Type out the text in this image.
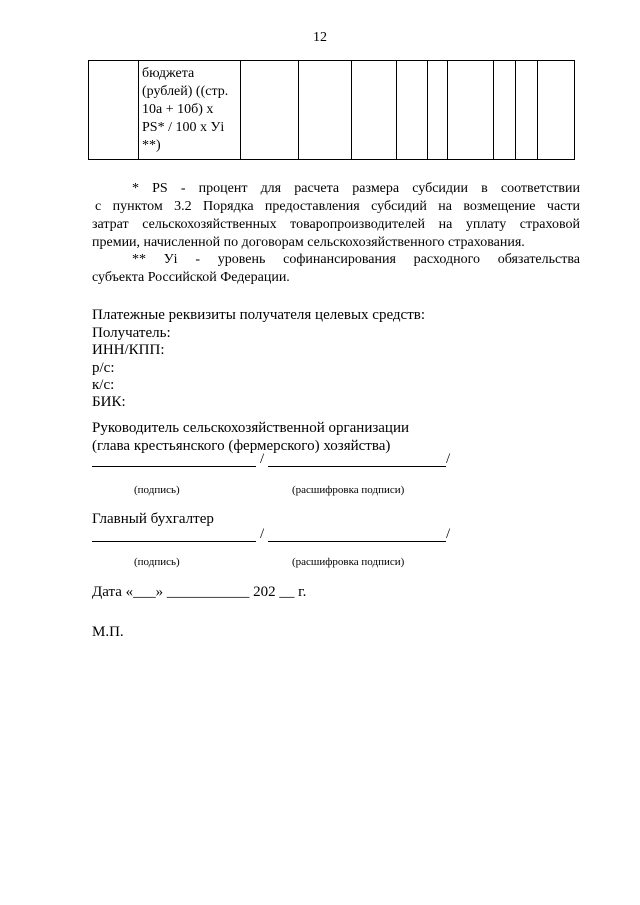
12

бюджета
(рублей) ((стр.
10а + 10б) x
PS* / 100 x Уi
**)

* PS - процент для расчета размера субсидии в соответствии
с пунктом 3.2 Порядка предоставления субсидий на возмещение части
затрат сельскохозяйственных товаропроизводителей на уплату страховой
премии, начисленной по договорам сельскохозяйственного страхования.
** Уi - уровень софинансирования расходного обязательства
субъекта Российской Федерации.
Платежные реквизиты получателя целевых средств:
Получатель:
ИНН/КПП:
р/с:
к/с:
БИК:
Руководитель сельскохозяйственной организации
(глава крестьянского (фермерского) хозяйства)
/	/
(подпись)	(расшифровка подписи)
Главный бухгалтер
/	/
(подпись)	(расшифровка подписи)
Дата «___» ___________ 202 __ г.
М.П.
